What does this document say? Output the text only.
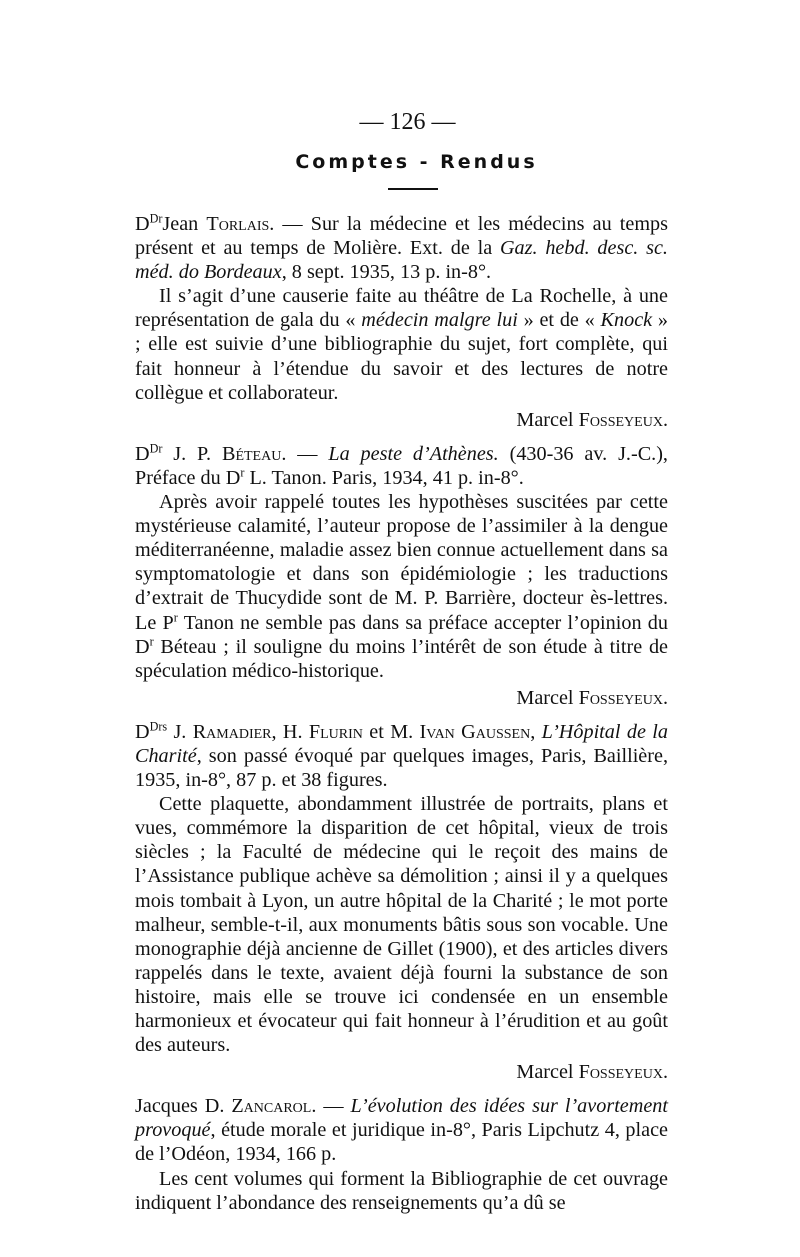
— 126 —
Comptes - Rendus

$D^{Dr}Jean$ Torlais. — Sur la médecine et les médecins au temps présent et au temps de Molière. Ext. de la Gaz. hebd. desc. sc. méd. do Bordeaux, 8 sept. 1935, 13 p. in-8°.

Il s’agit d’une causerie faite au théâtre de La Rochelle, à une représentation de gala du « médecin malgre lui » et de « Knock » ; elle est suivie d’une bibliographie du sujet, fort complète, qui fait honneur à l’étendue du savoir et des lectures de notre collègue et collaborateur.

Marcel Fosseyeux.

$D^{Dr}$ J. P. Béteau. — La peste d’Athènes. (430-36 av. J.-C.), Préface du $D^r$ L. Tanon. Paris, 1934, 41 p. in-8°.

Après avoir rappelé toutes les hypothèses suscitées par cette mystérieuse calamité, l’auteur propose de l’assimiler à la dengue méditerranéenne, maladie assez bien connue actuellement dans sa symptomatologie et dans son épidémiologie ; les traductions d’extrait de Thucydide sont de M. P. Barrière, docteur ès-lettres. Le $P^r$ Tanon ne semble pas dans sa préface accepter l’opinion du $D^r$ Béteau ; il souligne du moins l’intérêt de son étude à titre de spéculation médico-historique.

Marcel Fosseyeux.

$D^{Drs}$ J. Ramadier, H. Flurin et M. Ivan Gaussen, L’Hôpital de la Charité, son passé évoqué par quelques images, Paris, Baillière, 1935, in-8°, 87 p. et 38 figures.

Cette plaquette, abondamment illustrée de portraits, plans et vues, commémore la disparition de cet hôpital, vieux de trois siècles ; la Faculté de médecine qui le reçoit des mains de l’Assistance publique achève sa démolition ; ainsi il y a quelques mois tombait à Lyon, un autre hôpital de la Charité ; le mot porte malheur, semble-t-il, aux monuments bâtis sous son vocable. Une monographie déjà ancienne de Gillet (1900), et des articles divers rappelés dans le texte, avaient déjà fourni la substance de son histoire, mais elle se trouve ici condensée en un ensemble harmonieux et évocateur qui fait honneur à l’érudition et au goût des auteurs.

Marcel Fosseyeux.

Jacques D. Zancarol. — L’évolution des idées sur l’avortement provoqué, étude morale et juridique in-8°, Paris Lipchutz 4, place de l’Odéon, 1934, 166 p.

Les cent volumes qui forment la Bibliographie de cet ouvrage indiquent l’abondance des renseignements qu’a dû se
